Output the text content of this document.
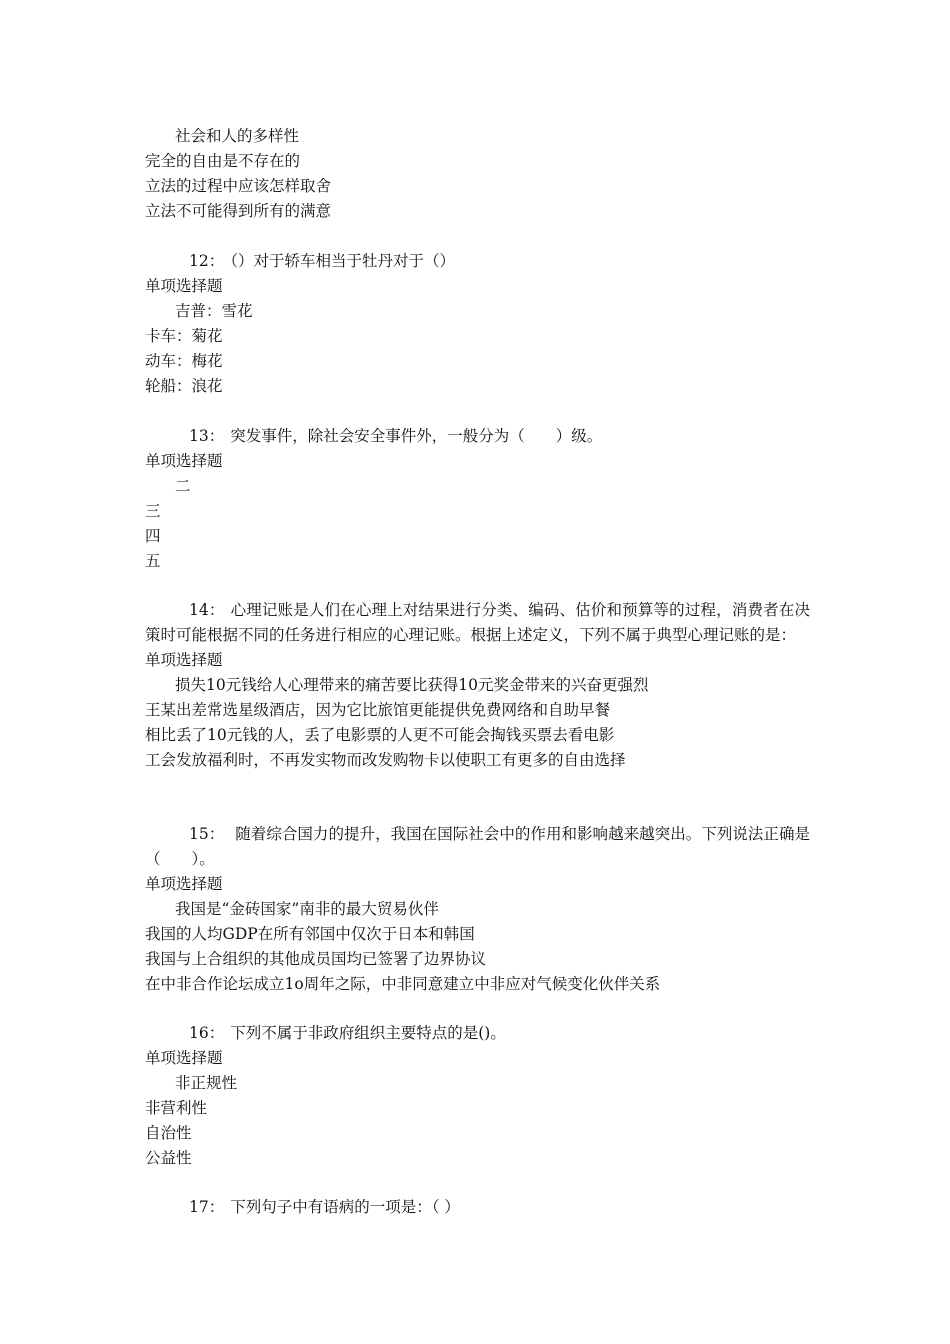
社会和人的多样性
完全的自由是不存在的
立法的过程中应该怎样取舍
立法不可能得到所有的满意
12： （）对于轿车相当于牡丹对于（）
单项选择题
吉普：雪花
卡车：菊花
动车：梅花
轮船：浪花
13： 突发事件，除社会安全事件外，一般分为（　　）级。
单项选择题
二
三
四
五
14： 心理记账是人们在心理上对结果进行分类、编码、估价和预算等的过程，消费者在决策时可能根据不同的任务进行相应的心理记账。根据上述定义，下列不属于典型心理记账的是：
单项选择题
损失10元钱给人心理带来的痛苦要比获得10元奖金带来的兴奋更强烈
王某出差常选星级酒店，因为它比旅馆更能提供免费网络和自助早餐
相比丢了10元钱的人，丢了电影票的人更不可能会掏钱买票去看电影
工会发放福利时，不再发实物而改发购物卡以使职工有更多的自由选择
15： 随着综合国力的提升，我国在国际社会中的作用和影响越来越突出。下列说法正确是（　　）。
单项选择题
我国是“金砖国家”南非的最大贸易伙伴
我国的人均GDP在所有邻国中仅次于日本和韩国
我国与上合组织的其他成员国均已签署了边界协议
在中非合作论坛成立1o周年之际，中非同意建立中非应对气候变化伙伴关系
16： 下列不属于非政府组织主要特点的是()。
单项选择题
非正规性
非营利性
自治性
公益性
17： 下列句子中有语病的一项是：（ ）
